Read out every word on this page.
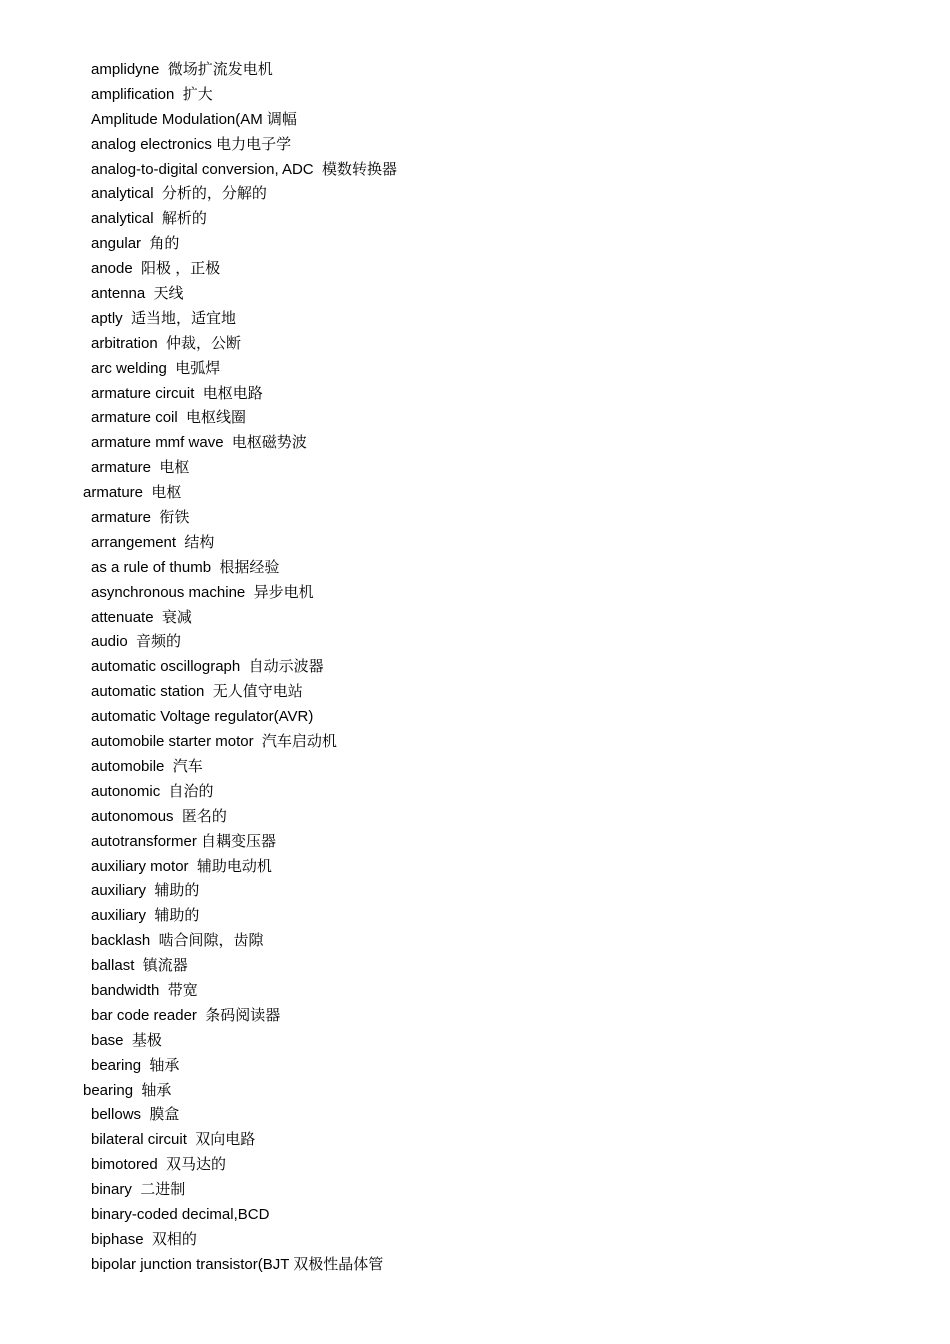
amplidyne  微场扩流发电机
amplification  扩大
Amplitude Modulation(AM 调幅
analog electronics 电力电子学
analog-to-digital conversion, ADC  模数转换器
analytical  分析的，分解的
analytical  解析的
angular  角的
anode  阳极 ，正极
antenna  天线
aptly  适当地，适宜地
arbitration  仲裁，公断
arc welding  电弧焊
armature circuit  电枢电路
armature coil  电枢线圈
armature mmf wave  电枢磁势波
armature  电枢
armature  电枢
armature  衔铁
arrangement  结构
as a rule of thumb  根据经验
asynchronous machine  异步电机
attenuate  衰减
audio  音频的
automatic oscillograph  自动示波器
automatic station  无人值守电站
automatic Voltage regulator(AVR)
automobile starter motor  汽车启动机
automobile  汽车
autonomic  自治的
autonomous  匿名的
autotransformer 自耦变压器
auxiliary motor  辅助电动机
auxiliary  辅助的
auxiliary  辅助的
backlash  啮合间隙，齿隙
ballast  镇流器
bandwidth  带宽
bar code reader  条码阅读器
base  基极
bearing  轴承
bearing  轴承
bellows  膜盒
bilateral circuit  双向电路
bimotored  双马达的
binary  二进制
binary-coded decimal,BCD
biphase  双相的
bipolar junction transistor(BJT 双极性晶体管
